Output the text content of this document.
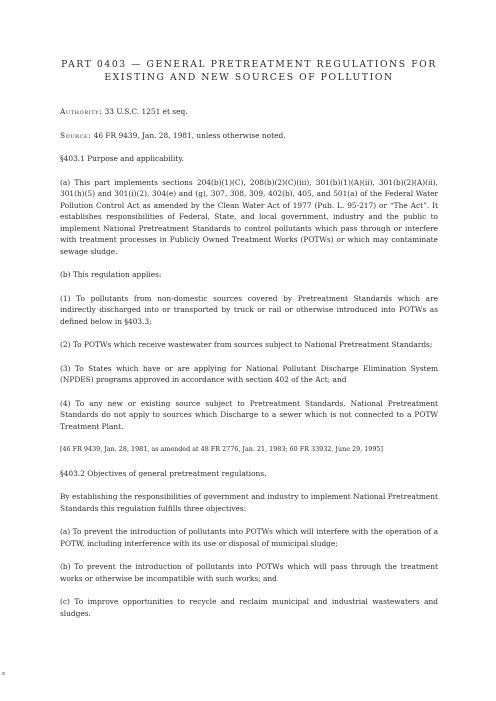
PART 0403 — GENERAL PRETREATMENT REGULATIONS FOR
EXISTING AND NEW SOURCES OF POLLUTION
Authority: 33 U.S.C. 1251 et seq.
Source: 46 FR 9439, Jan. 28, 1981, unless otherwise noted.

§403.1 Purpose and applicability.

(a) This part implements sections 204(b)(1)(C), 208(b)(2)(C)(iii), 301(b)(1)(A)(ii), 301(b)(2)(A)(ii), 301(h)(5) and 301(i)(2), 304(e) and (g), 307, 308, 309, 402(b), 405, and 501(a) of the Federal Water Pollution Control Act as amended by the Clean Water Act of 1977 (Pub. L. 95-217) or “The Act”. It establishes responsibilities of Federal, State, and local government, industry and the public to implement National Pretreatment Standards to control pollutants which pass through or interfere with treatment processes in Publicly Owned Treatment Works (POTWs) or which may contaminate sewage sludge.

(b) This regulation applies:

(1) To pollutants from non-domestic sources covered by Pretreatment Standards which are indirectly discharged into or transported by truck or rail or otherwise introduced into POTWs as defined below in §403.3;

(2) To POTWs which receive wastewater from sources subject to National Pretreatment Standards;

(3) To States which have or are applying for National Pollutant Discharge Elimination System (NPDES) programs approved in accordance with section 402 of the Act; and

(4) To any new or existing source subject to Pretreatment Standards. National Pretreatment Standards do not apply to sources which Discharge to a sewer which is not connected to a POTW Treatment Plant.

[46 FR 9439, Jan. 28, 1981, as amended at 48 FR 2776, Jan. 21, 1983; 60 FR 33932, June 29, 1995]

§403.2 Objectives of general pretreatment regulations.

By establishing the responsibilities of government and industry to implement National Pretreatment Standards this regulation fulfills three objectives:

(a) To prevent the introduction of pollutants into POTWs which will interfere with the operation of a POTW, including interference with its use or disposal of municipal sludge;

(b) To prevent the introduction of pollutants into POTWs which will pass through the treatment works or otherwise be incompatible with such works; and

(c) To improve opportunities to recycle and reclaim municipal and industrial wastewaters and sludges.
